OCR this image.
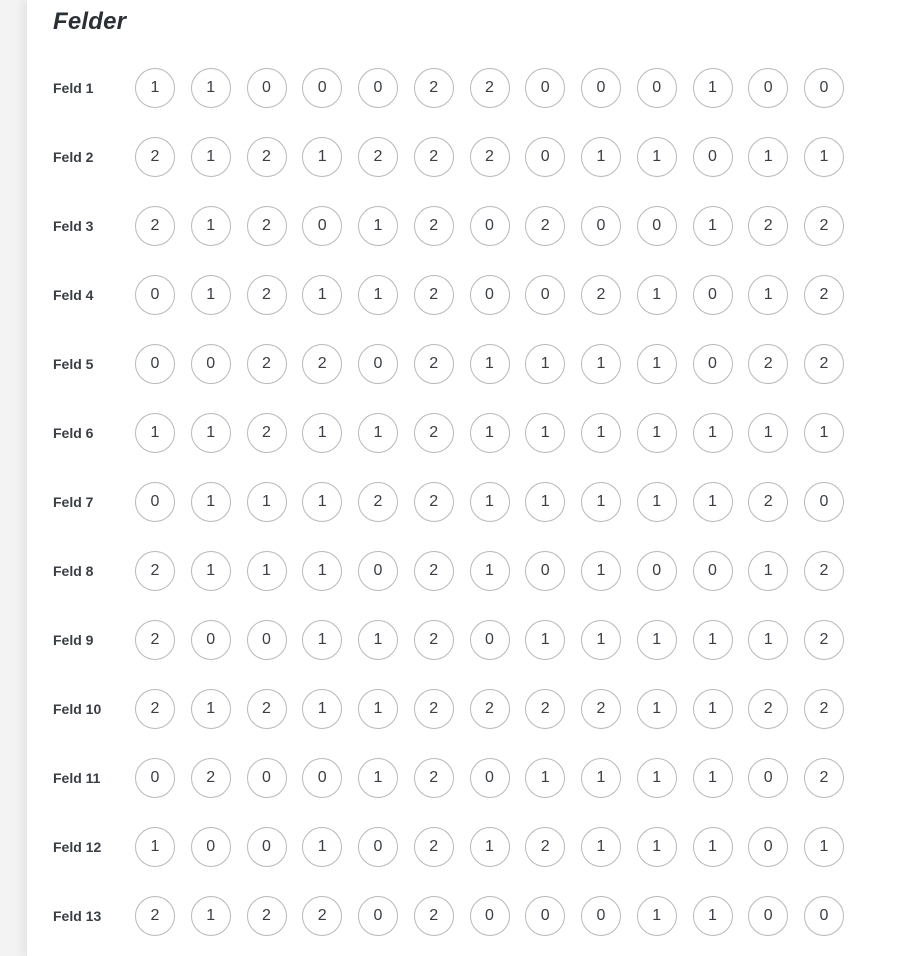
Felder
Feld 1	1	1	0	0	0	2	2	0	0	0	1	0	0
Feld 2	2	1	2	1	2	2	2	0	1	1	0	1	1
Feld 3	2	1	2	0	1	2	0	2	0	0	1	2	2
Feld 4	0	1	2	1	1	2	0	0	2	1	0	1	2
Feld 5	0	0	2	2	0	2	1	1	1	1	0	2	2
Feld 6	1	1	2	1	1	2	1	1	1	1	1	1	1
Feld 7	0	1	1	1	2	2	1	1	1	1	1	2	0
Feld 8	2	1	1	1	0	2	1	0	1	0	0	1	2
Feld 9	2	0	0	1	1	2	0	1	1	1	1	1	2
Feld 10	2	1	2	1	1	2	2	2	2	1	1	2	2
Feld 11	0	2	0	0	1	2	0	1	1	1	1	0	2
Feld 12	1	0	0	1	0	2	1	2	1	1	1	0	1
Feld 13	2	1	2	2	0	2	0	0	0	1	1	0	0
